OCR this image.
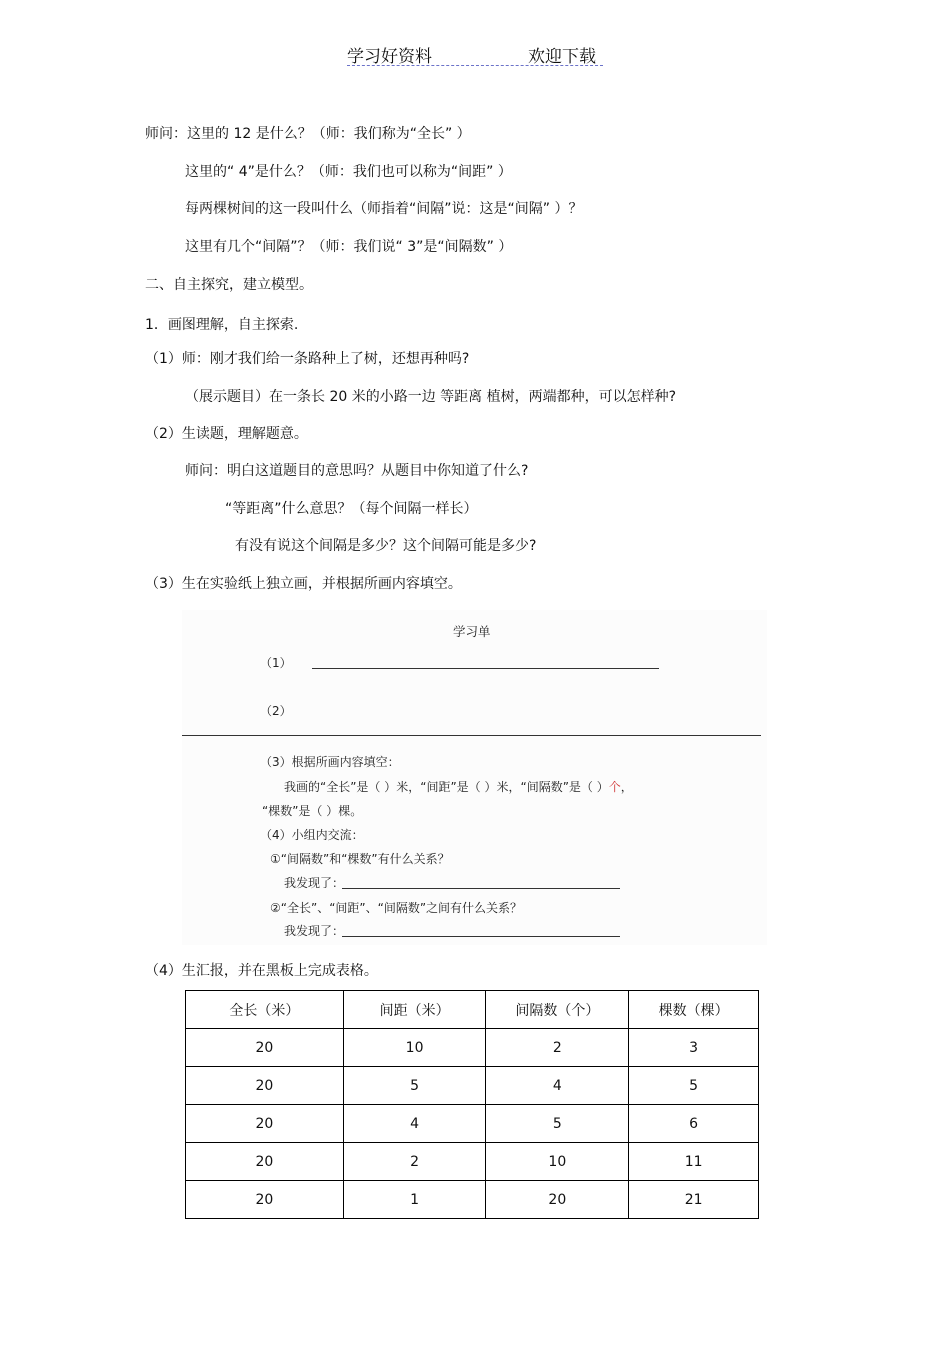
学习好资料	欢迎下载
师问：这里的 12 是什么？（师：我们称为“全长” ）
这里的“ 4”是什么？（师：我们也可以称为“间距” ）
每两棵树间的这一段叫什么（师指着“间隔”说：这是“间隔” ）？
这里有几个“间隔”？（师：我们说“ 3”是“间隔数” ）
二、自主探究，建立模型。
1．画图理解，自主探索.
（1）师：刚才我们给一条路种上了树，还想再种吗?
（展示题目）在一条长 20 米的小路一边 等距离 植树，两端都种，可以怎样种?
（2）生读题，理解题意。
师问：明白这道题目的意思吗？从题目中你知道了什么?
“等距离”什么意思？（每个间隔一样长）
有没有说这个间隔是多少？这个间隔可能是多少?
（3）生在实验纸上独立画，并根据所画内容填空。
学习单
（1）
（2）
（3）根据所画内容填空：
我画的“全长”是（ ）米，“间距”是（ ）米，“间隔数”是（ ）个，
“棵数”是（ ）棵。
（4）小组内交流：
①“间隔数”和“棵数”有什么关系？
我发现了：
②“全长”、“间距”、“间隔数”之间有什么关系？
我发现了：
（4）生汇报，并在黑板上完成表格。
全长（米）	间距（米）	间隔数（个）	棵数（棵）
20	10	2	3
20	5	4	5
20	4	5	6
20	2	10	11
20	1	20	21
